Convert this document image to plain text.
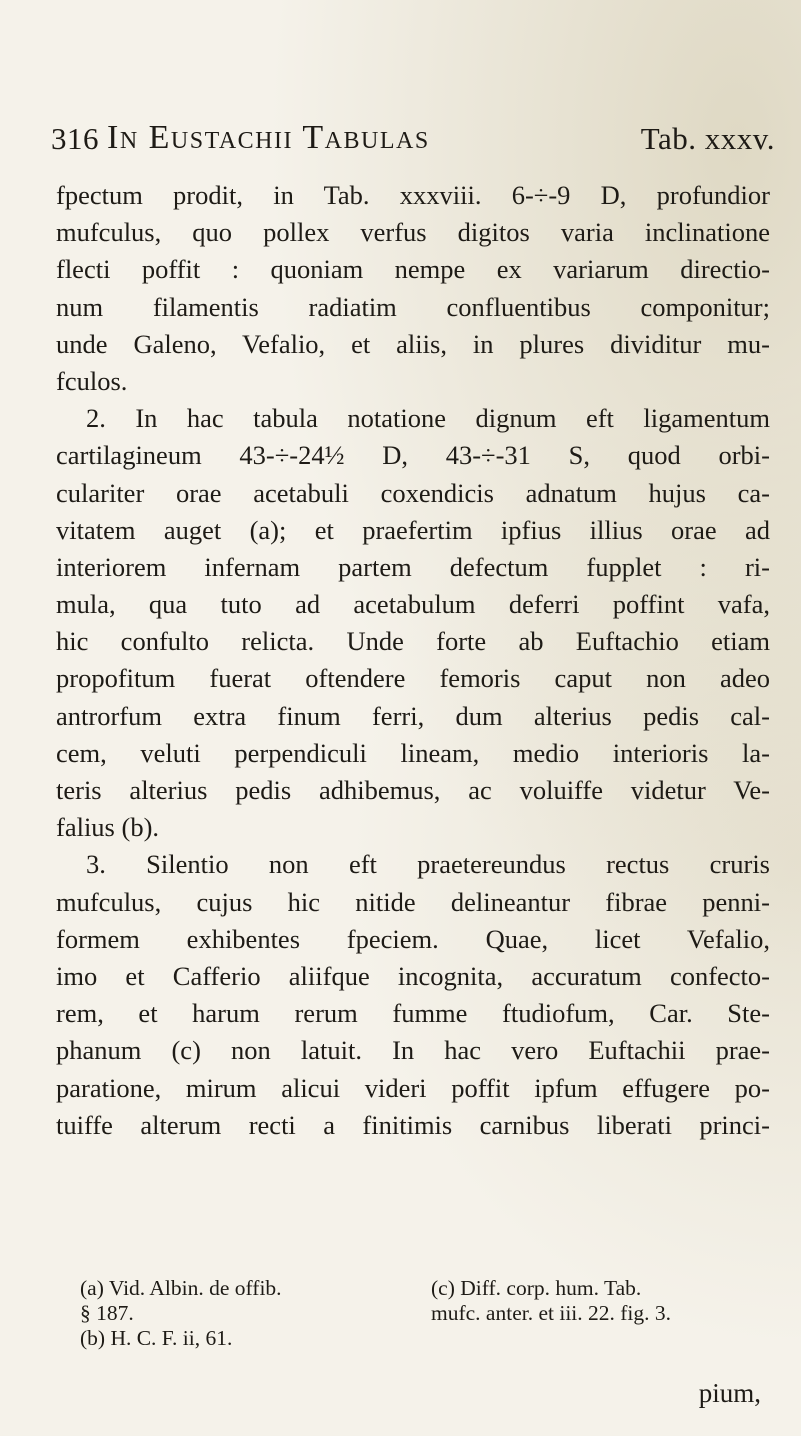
316 In Eustachii Tabulas	Tab. xxxv.
fpectum prodit, in Tab. xxxviii. 6-÷-9 D, profundior
mufculus, quo pollex verfus digitos varia inclinatione
flecti poffit : quoniam nempe ex variarum directio-
num filamentis radiatim confluentibus componitur;
unde Galeno, Vefalio, et aliis, in plures dividitur mu-
fculos.
2. In hac tabula notatione dignum eft ligamentum
cartilagineum 43-÷-24½ D, 43-÷-31 S, quod orbi-
culariter orae acetabuli coxendicis adnatum hujus ca-
vitatem auget (a); et praefertim ipfius illius orae ad
interiorem infernam partem defectum fupplet : ri-
mula, qua tuto ad acetabulum deferri poffint vafa,
hic confulto relicta. Unde forte ab Euftachio etiam
propofitum fuerat oftendere femoris caput non adeo
antrorfum extra finum ferri, dum alterius pedis cal-
cem, veluti perpendiculi lineam, medio interioris la-
teris alterius pedis adhibemus, ac voluiffe videtur Ve-
falius (b).
3. Silentio non eft praetereundus rectus cruris
mufculus, cujus hic nitide delineantur fibrae penni-
formem exhibentes fpeciem. Quae, licet Vefalio,
imo et Cafferio aliifque incognita, accuratum confecto-
rem, et harum rerum fumme ftudiofum, Car. Ste-
phanum (c) non latuit. In hac vero Euftachii prae-
paratione, mirum alicui videri poffit ipfum effugere po-
tuiffe alterum recti a finitimis carnibus liberati princi-
(a) Vid. Albin. de offib.
§ 187.
(b) H. C. F. ii, 61.
(c) Diff. corp. hum. Tab.
mufc. anter. et iii. 22. fig. 3.
pium,
